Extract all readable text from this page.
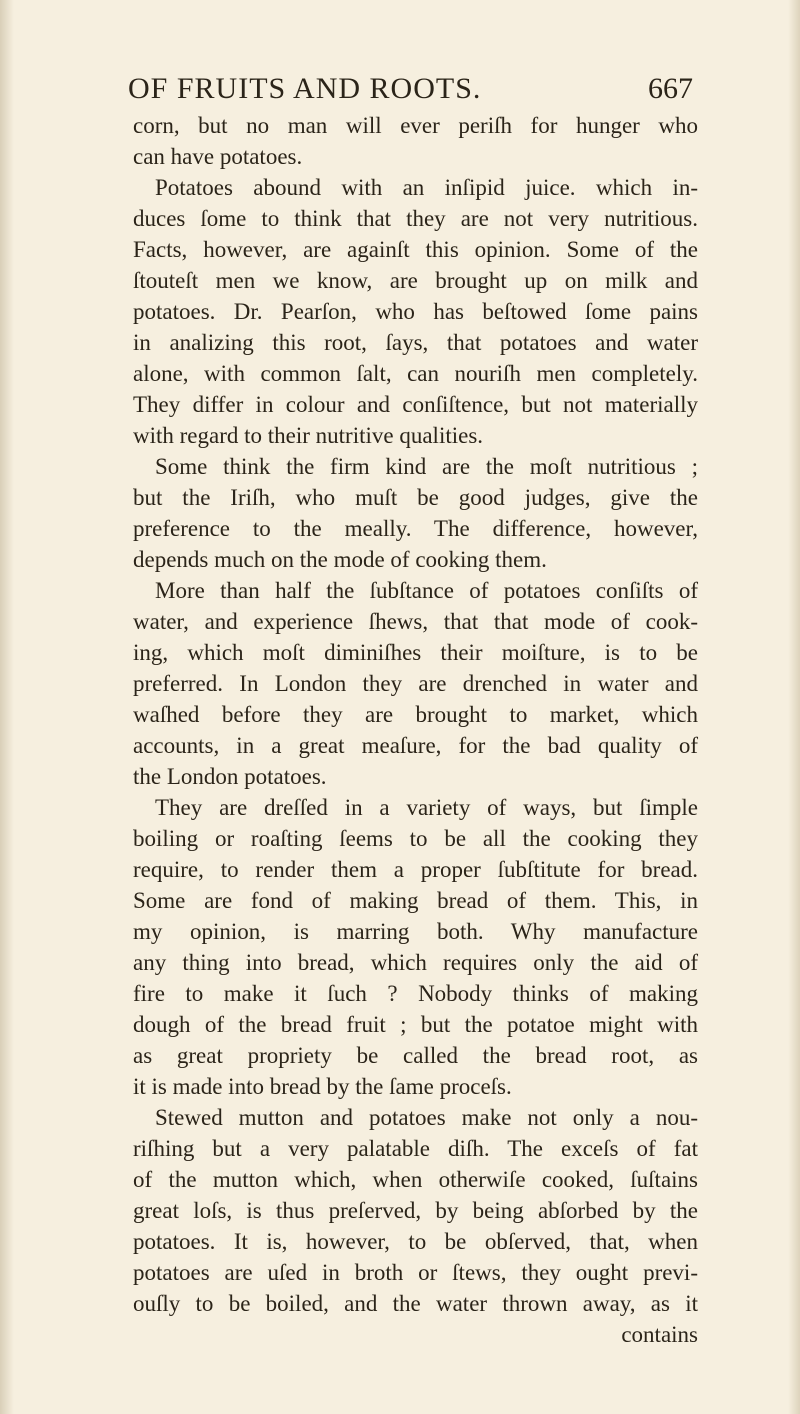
OF FRUITS AND ROOTS.	667
corn, but no man will ever periſh for hunger who
can have potatoes.
Potatoes abound with an inſipid juice. which in-
duces ſome to think that they are not very nutritious.
Facts, however, are againſt this opinion. Some of the
ſtouteſt men we know, are brought up on milk and
potatoes. Dr. Pearſon, who has beſtowed ſome pains
in analizing this root, ſays, that potatoes and water
alone, with common ſalt, can nouriſh men completely.
They differ in colour and conſiſtence, but not materially
with regard to their nutritive qualities.
Some think the firm kind are the moſt nutritious ;
but the Iriſh, who muſt be good judges, give the
preference to the meally. The difference, however,
depends much on the mode of cooking them.
More than half the ſubſtance of potatoes conſiſts of
water, and experience ſhews, that that mode of cook-
ing, which moſt diminiſhes their moiſture, is to be
preferred. In London they are drenched in water and
waſhed before they are brought to market, which
accounts, in a great meaſure, for the bad quality of
the London potatoes.
They are dreſſed in a variety of ways, but ſimple
boiling or roaſting ſeems to be all the cooking they
require, to render them a proper ſubſtitute for bread.
Some are fond of making bread of them. This, in
my opinion, is marring both. Why manufacture
any thing into bread, which requires only the aid of
fire to make it ſuch ? Nobody thinks of making
dough of the bread fruit ; but the potatoe might with
as great propriety be called the bread root, as
it is made into bread by the ſame proceſs.
Stewed mutton and potatoes make not only a nou-
riſhing but a very palatable diſh. The exceſs of fat
of the mutton which, when otherwiſe cooked, ſuſtains
great loſs, is thus preſerved, by being abſorbed by the
potatoes. It is, however, to be obſerved, that, when
potatoes are uſed in broth or ſtews, they ought previ-
ouſly to be boiled, and the water thrown away, as it
contains
